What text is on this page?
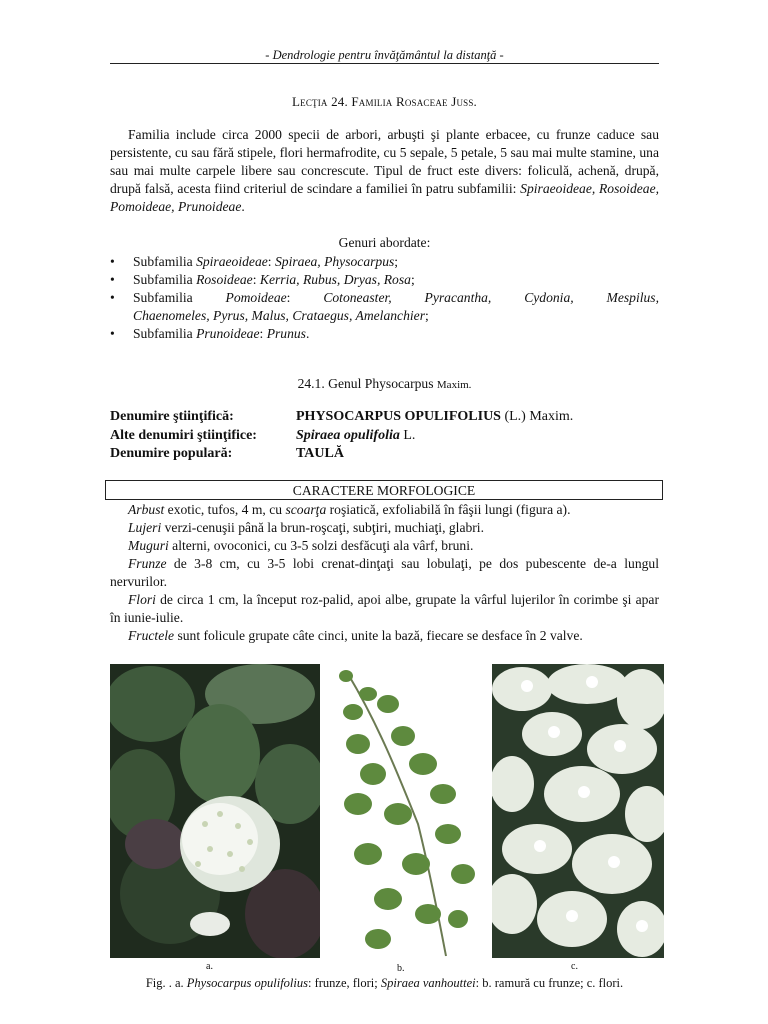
- Dendrologie pentru învăţământul la distanţă -
Lecţia 24. Familia Rosaceae Juss.

Familia include circa 2000 specii de arbori, arbuşti şi plante erbacee, cu frunze caduce sau persistente, cu sau fără stipele, flori hermafrodite, cu 5 sepale, 5 petale, 5 sau mai multe stamine, una sau mai multe carpele libere sau concrescute. Tipul de fruct este divers: foliculă, achenă, drupă, drupă falsă, acesta fiind criteriul de scindare a familiei în patru subfamilii: Spiraeoideae, Rosoideae, Pomoideae, Prunoideae.

Genuri abordate:
• Subfamilia Spiraeoideae: Spiraea, Physocarpus;
• Subfamilia Rosoideae: Kerria, Rubus, Dryas, Rosa;
• Subfamilia Pomoideae: Cotoneaster, Pyracantha, Cydonia, Mespilus,
Chaenomeles, Pyrus, Malus, Crataegus, Amelanchier;
• Subfamilia Prunoideae: Prunus.
24.1. Genul Physocarpus Maxim.
Denumire ştiinţifică:	PHYSOCARPUS OPULIFOLIUS (L.) Maxim.
Alte denumiri ştiinţifice:	Spiraea opulifolia L.
Denumire populară:	TAULĂ
CARACTERE MORFOLOGICE

Arbust exotic, tufos, 4 m, cu scoarţa roşiatică, exfoliabilă în fâşii lungi (figura a).

Lujeri verzi-cenuşii până la brun-roşcaţi, subţiri, muchiaţi, glabri.

Muguri alterni, ovoconici, cu 3-5 solzi desfăcuţi ala vârf, bruni.

Frunze de 3-8 cm, cu 3-5 lobi crenat-dinţaţi sau lobulaţi, pe dos pubescente de-a lungul nervurilor.

Flori de circa 1 cm, la început roz-palid, apoi albe, grupate la vârful lujerilor în corimbe şi apar în iunie-iulie.

Fructele sunt folicule grupate câte cinci, unite la bază, fiecare se desface în 2 valve.

a.	b.	c.
Fig. . a. Physocarpus opulifolius: frunze, flori; Spiraea vanhouttei: b. ramură cu frunze; c. flori.
